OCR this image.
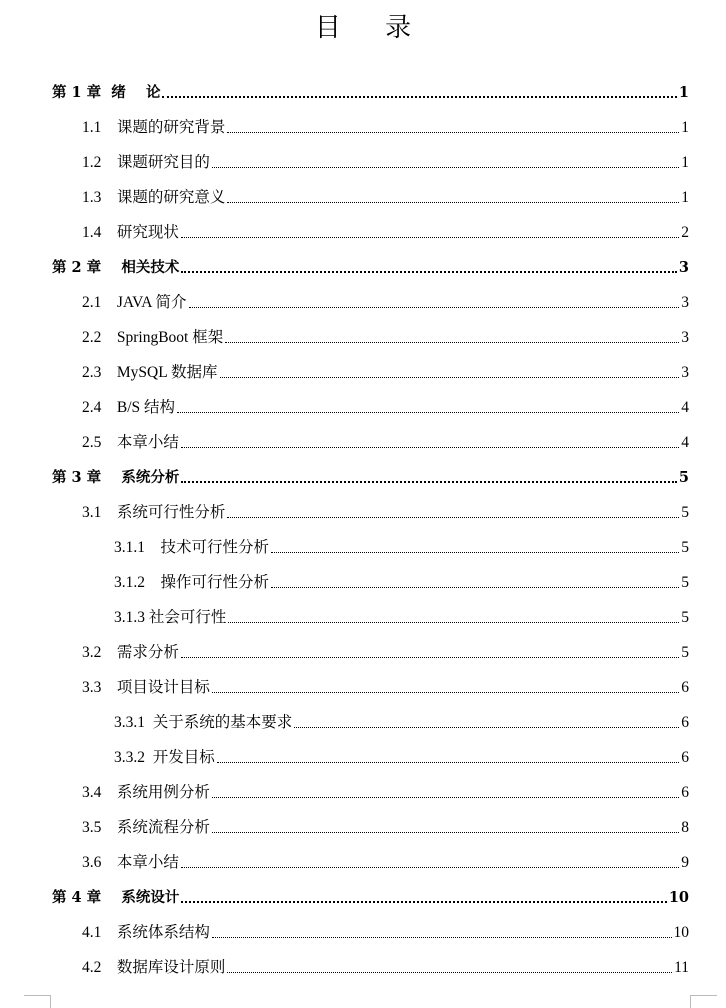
目 录
第 1 章  绪    论	1
1.1    课题的研究背景	1
1.2    课题研究目的	1
1.3    课题的研究意义	1
1.4    研究现状	2
第 2 章    相关技术	3
2.1    JAVA 简介	3
2.2    SpringBoot 框架	3
2.3    MySQL 数据库	3
2.4    B/S 结构	4
2.5    本章小结	4
第 3 章    系统分析	5
3.1    系统可行性分析	5
3.1.1    技术可行性分析	5
3.1.2    操作可行性分析	5
3.1.3 社会可行性	5
3.2    需求分析	5
3.3    项目设计目标	6
3.3.1  关于系统的基本要求	6
3.3.2  开发目标	6
3.4    系统用例分析	6
3.5    系统流程分析	8
3.6    本章小结	9
第 4 章    系统设计	10
4.1    系统体系结构	10
4.2    数据库设计原则	11
